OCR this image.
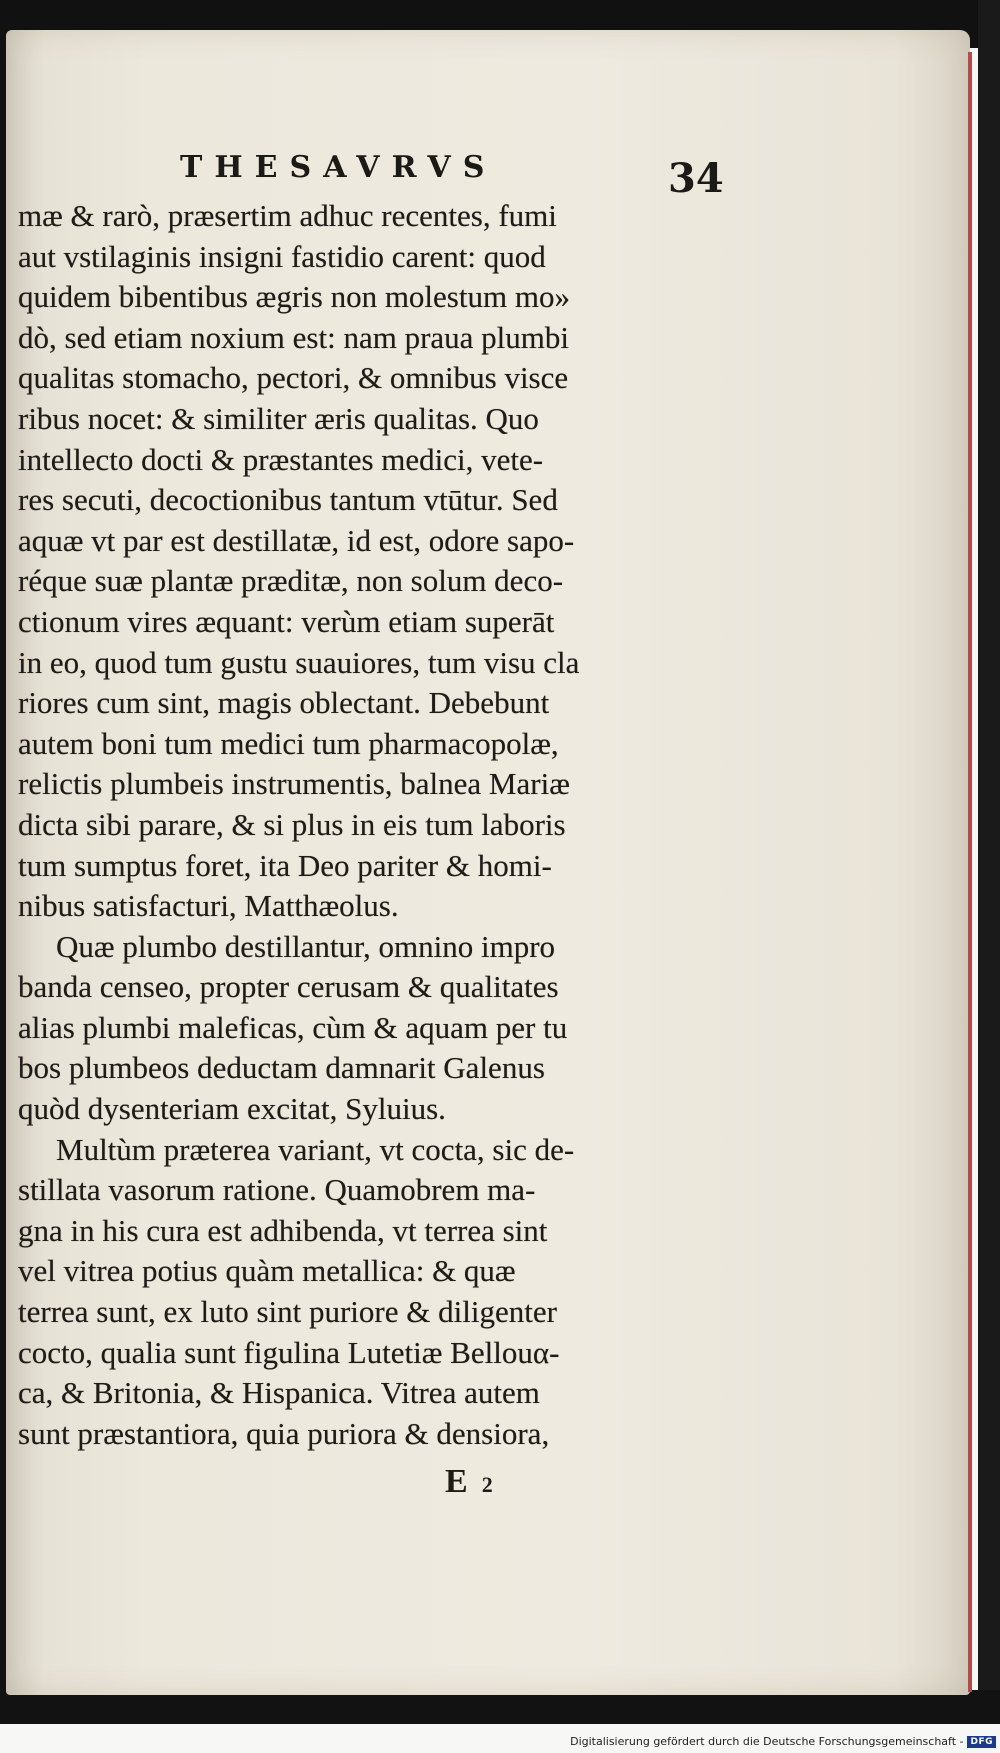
THESAVRVS	34
mæ & rarò, præsertim adhuc recentes, fumi
aut vstilaginis insigni fastidio carent: quod
quidem bibentibus ægris non molestum mo»
dò, sed etiam noxium est: nam praua plumbi
qualitas stomacho, pectori, & omnibus visce
ribus nocet: & similiter æris qualitas. Quo
intellecto docti & præstantes medici, vete-
res secuti, decoctionibus tantum vtūtur. Sed
aquæ vt par est destillatæ, id est, odore sapo-
réque suæ plantæ præditæ, non solum deco-
ctionum vires æquant: verùm etiam superāt
in eo, quod tum gustu suauiores, tum visu cla
riores cum sint, magis oblectant. Debebunt
autem boni tum medici tum pharmacopolæ,
relictis plumbeis instrumentis, balnea Mariæ
dicta sibi parare, & si plus in eis tum laboris
tum sumptus foret, ita Deo pariter & homi-
nibus satisfacturi, Matthæolus.
Quæ plumbo destillantur, omnino impro
banda censeo, propter cerusam & qualitates
alias plumbi maleficas, cùm & aquam per tu
bos plumbeos deductam damnarit Galenus
quòd dysenteriam excitat, Syluius.
Multùm præterea variant, vt cocta, sic de-
stillata vasorum ratione. Quamobrem ma-
gna in his cura est adhibenda, vt terrea sint
vel vitrea potius quàm metallica: & quæ
terrea sunt, ex luto sint puriore & diligenter
cocto, qualia sunt figulina Lutetiæ Bellouα-
ca, & Britonia, & Hispanica. Vitrea autem
sunt præstantiora, quia puriora & densiora,
E 2
Digitalisierung gefördert durch die Deutsche Forschungsgemeinschaft - DFG
